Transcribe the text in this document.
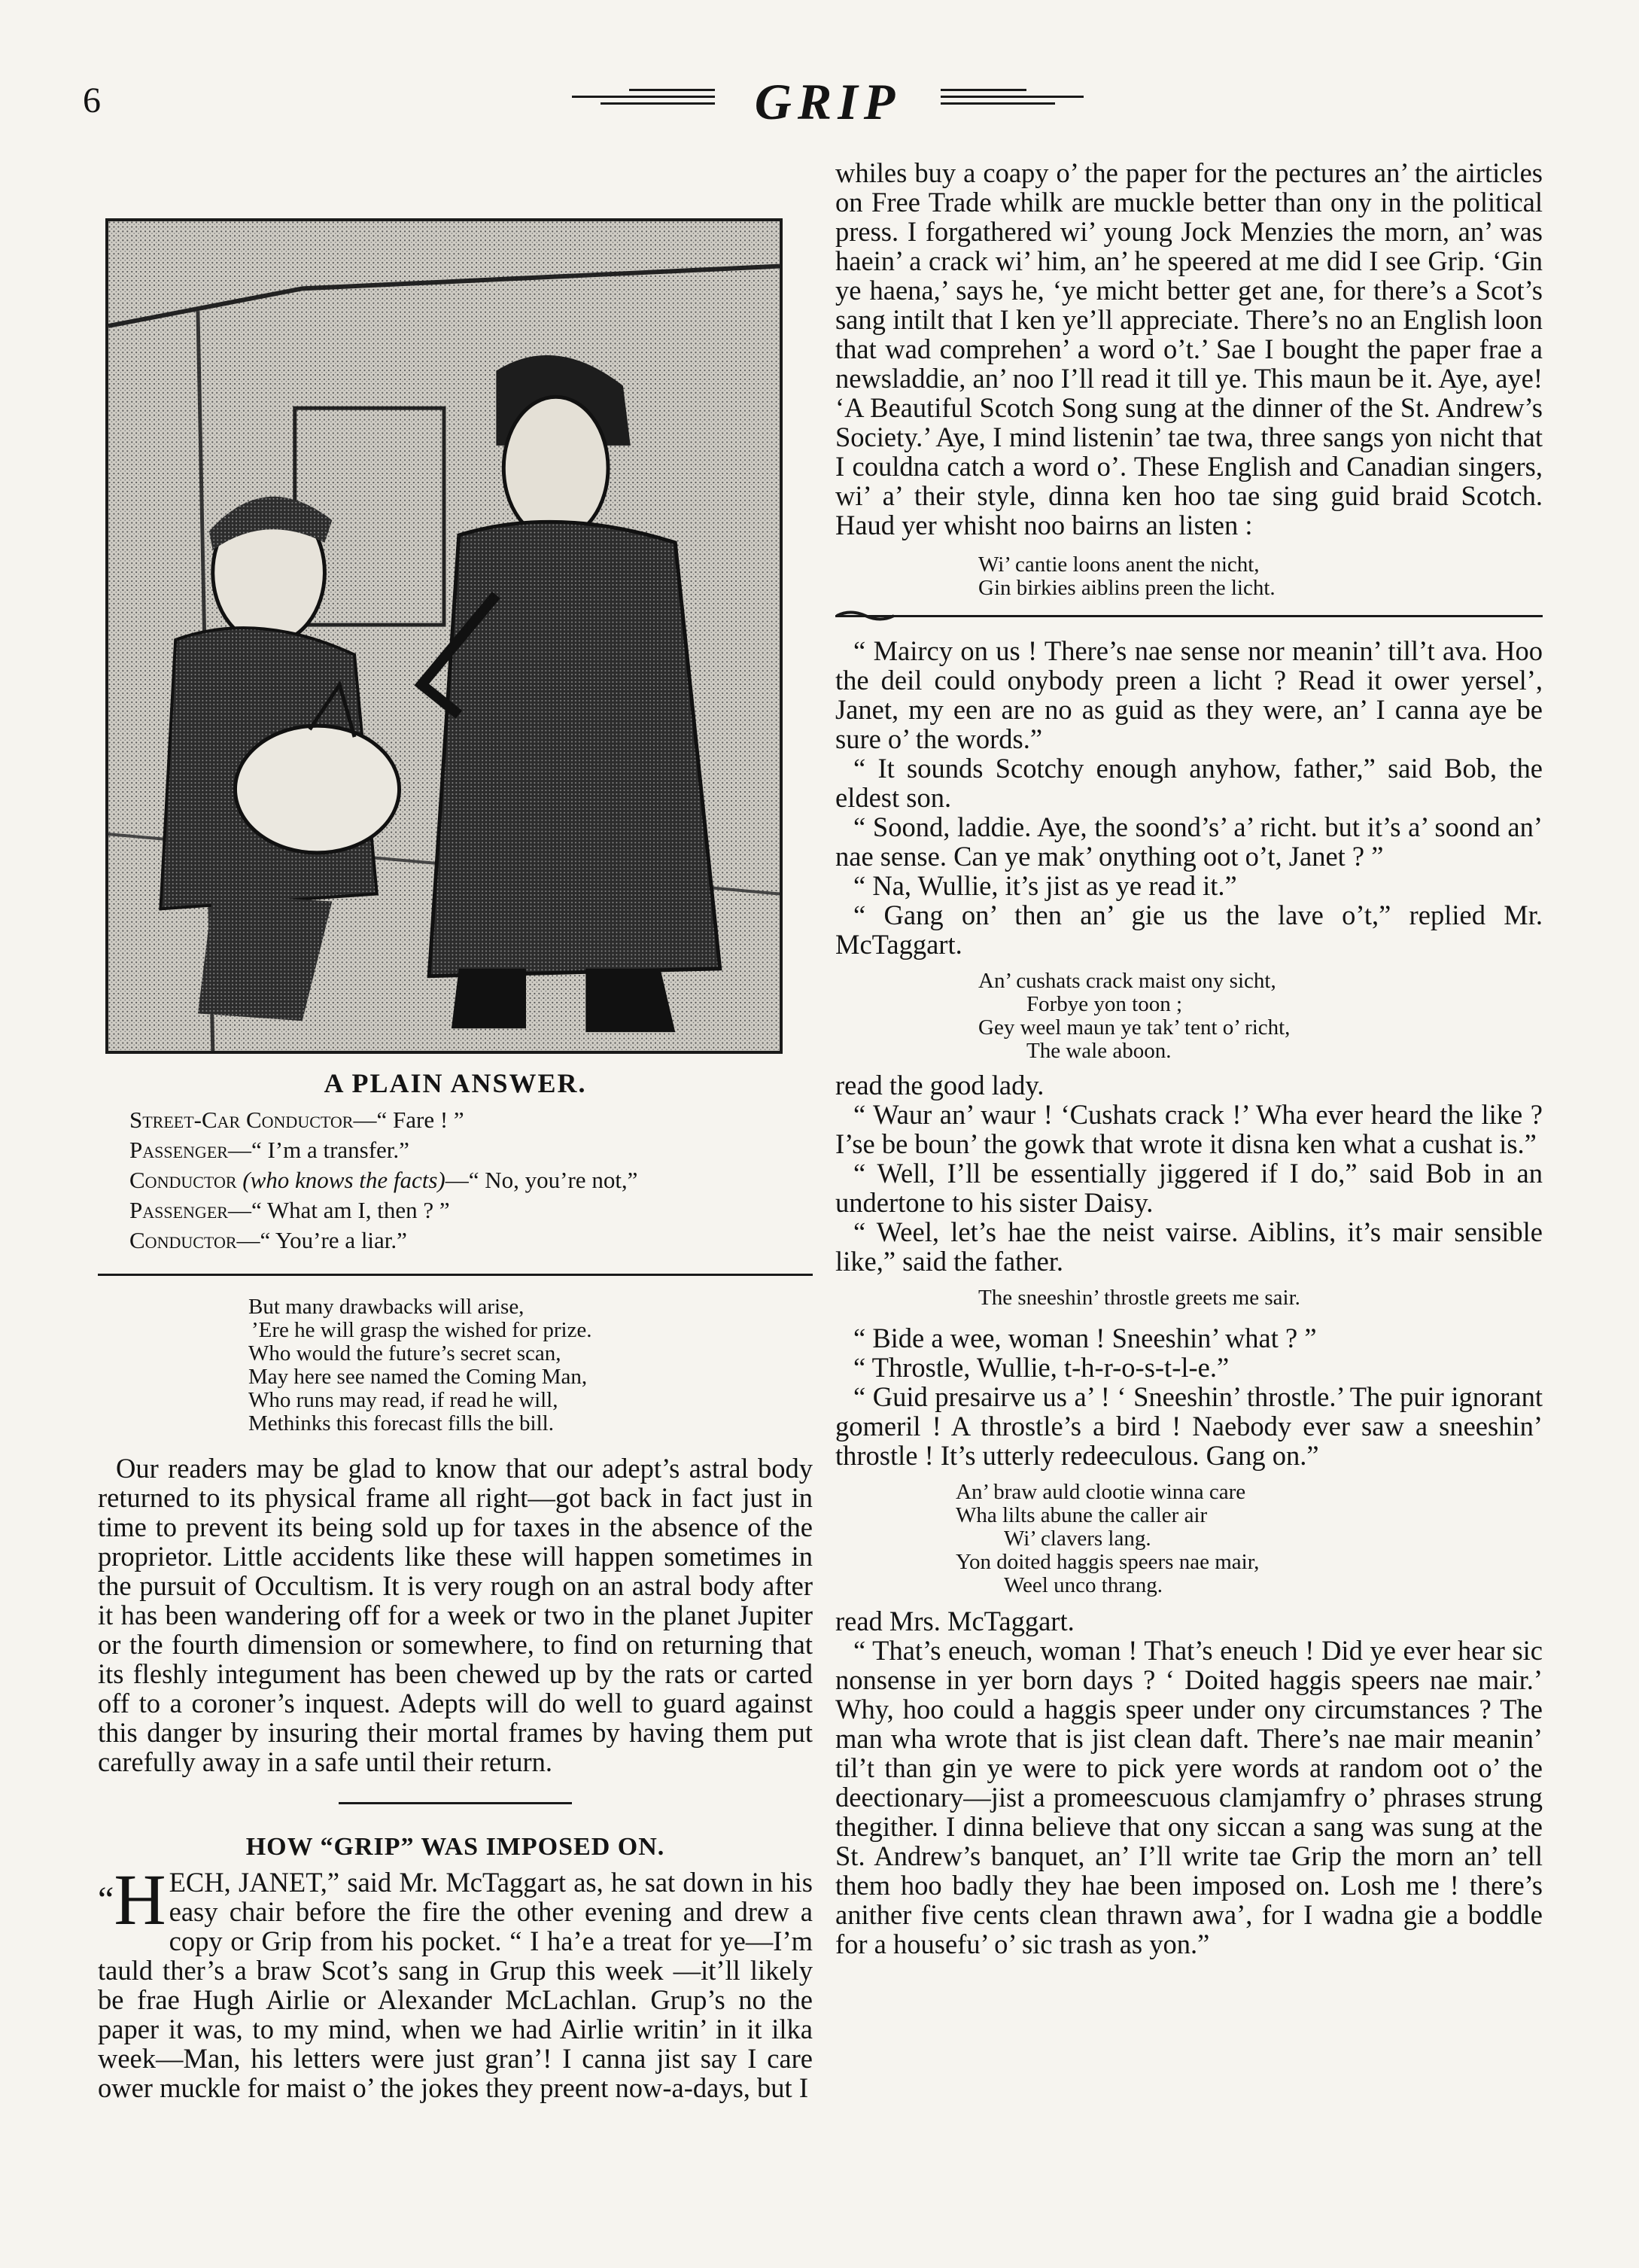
6	GRIP
A PLAIN ANSWER.
Street-Car Conductor—“ Fare ! ”
Passenger—“ I’m a transfer.”
Conductor (who knows the facts)—“ No, you’re not,”
Passenger—“ What am I, then ? ”
Conductor—“ You’re a liar.”
But many drawbacks will arise,
’Ere he will grasp the wished for prize.
Who would the future’s secret scan,
May here see named the Coming Man,
Who runs may read, if read he will,
Methinks this forecast fills the bill.

Our readers may be glad to know that our adept’s astral body returned to its physical frame all right—got back in fact just in time to prevent its being sold up for taxes in the absence of the proprietor. Little accidents like these will happen sometimes in the pursuit of Occultism. It is very rough on an astral body after it has been wandering off for a week or two in the planet Jupiter or the fourth dimension or somewhere, to find on returning that its fleshly integument has been chewed up by the rats or carted off to a coroner’s inquest. Adepts will do well to guard against this danger by insuring their mortal frames by having them put carefully away in a safe until their return.

HOW “GRIP” WAS IMPOSED ON.

“H ECH, JANET,” said Mr. McTaggart as, he sat down in his easy chair before the fire the other evening and drew a copy or Grip from his pocket. “ I ha’e a treat for ye—I’m tauld ther’s a braw Scot’s sang in Grup this week —it’ll likely be frae Hugh Airlie or Alexander McLachlan. Grup’s no the paper it was, to my mind, when we had Airlie writin’ in it ilka week—Man, his letters were just gran’! I canna jist say I care ower muckle for maist o’ the jokes they preent now-a-days, but I

whiles buy a coapy o’ the paper for the pectures an’ the airticles on Free Trade whilk are muckle better than ony in the political press. I forgathered wi’ young Jock Menzies the morn, an’ was haein’ a crack wi’ him, an’ he speered at me did I see Grip. ‘Gin ye haena,’ says he, ‘ye micht better get ane, for there’s a Scot’s sang intilt that I ken ye’ll appreciate. There’s no an English loon that wad comprehen’ a word o’t.’ Sae I bought the paper frae a newsladdie, an’ noo I’ll read it till ye. This maun be it. Aye, aye! ‘A Beautiful Scotch Song sung at the dinner of the St. Andrew’s Society.’ Aye, I mind listenin’ tae twa, three sangs yon nicht that I couldna catch a word o’. These English and Canadian singers, wi’ a’ their style, dinna ken hoo tae sing guid braid Scotch. Haud yer whisht noo bairns an listen :

Wi’ cantie loons anent the nicht,
Gin birkies aiblins preen the licht.

“ Maircy on us ! There’s nae sense nor meanin’ till’t ava. Hoo the deil could onybody preen a licht ? Read it ower yersel’, Janet, my een are no as guid as they were, an’ I canna aye be sure o’ the words.”

“ It sounds Scotchy enough anyhow, father,” said Bob, the eldest son.

“ Soond, laddie. Aye, the soond’s’ a’ richt. but it’s a’ soond an’ nae sense. Can ye mak’ onything oot o’t, Janet ? ”

“ Na, Wullie, it’s jist as ye read it.”

“ Gang on’ then an’ gie us the lave o’t,” replied Mr. McTaggart.

An’ cushats crack maist ony sicht,
Forbye yon toon ;
Gey weel maun ye tak’ tent o’ richt,
The wale aboon.

read the good lady.

“ Waur an’ waur ! ‘Cushats crack !’ Wha ever heard the like ? I’se be boun’ the gowk that wrote it disna ken what a cushat is.”

“ Well, I’ll be essentially jiggered if I do,” said Bob in an undertone to his sister Daisy.

“ Weel, let’s hae the neist vairse. Aiblins, it’s mair sensible like,” said the father.

The sneeshin’ throstle greets me sair.

“ Bide a wee, woman ! Sneeshin’ what ? ”

“ Throstle, Wullie, t-h-r-o-s-t-l-e.”

“ Guid presairve us a’ ! ‘ Sneeshin’ throstle.’ The puir ignorant gomeril ! A throstle’s a bird ! Naebody ever saw a sneeshin’ throstle ! It’s utterly redeeculous. Gang on.”

An’ braw auld clootie winna care
Wha lilts abune the caller air
Wi’ clavers lang.
Yon doited haggis speers nae mair,
Weel unco thrang.

read Mrs. McTaggart.

“ That’s eneuch, woman ! That’s eneuch ! Did ye ever hear sic nonsense in yer born days ? ‘ Doited haggis speers nae mair.’ Why, hoo could a haggis speer under ony circumstances ? The man wha wrote that is jist clean daft. There’s nae mair meanin’ til’t than gin ye were to pick yere words at random oot o’ the deectionary—jist a promeescuous clamjamfry o’ phrases strung thegither. I dinna believe that ony siccan a sang was sung at the St. Andrew’s banquet, an’ I’ll write tae Grip the morn an’ tell them hoo badly they hae been imposed on. Losh me ! there’s anither five cents clean thrawn awa’, for I wadna gie a boddle for a housefu’ o’ sic trash as yon.”
